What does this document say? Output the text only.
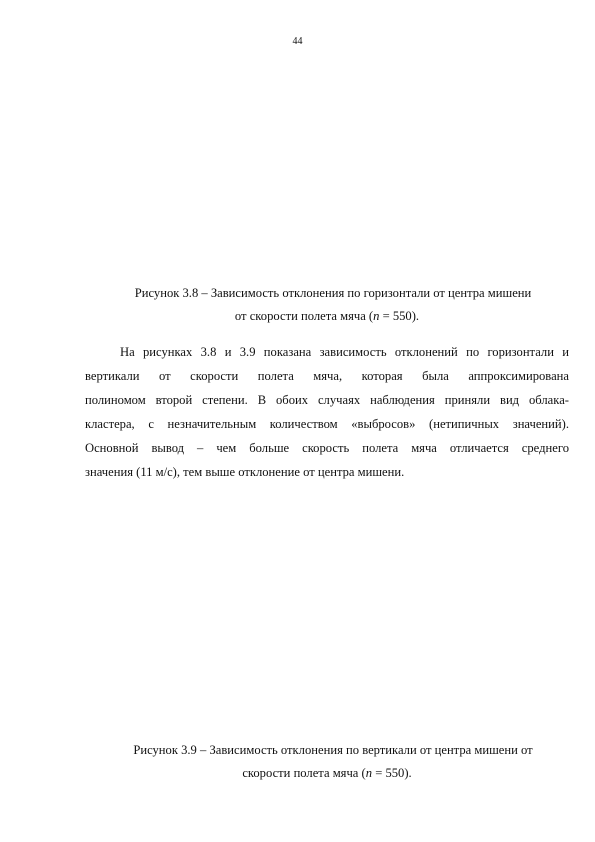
44
Рисунок 3.8 – Зависимость отклонения по горизонтали от центра мишени
от скорости полета мяча (n = 550).
На рисунках 3.8 и 3.9 показана зависимость отклонений по горизонтали и
вертикали от скорости полета мяча, которая была аппроксимирована
полиномом второй степени. В обоих случаях наблюдения приняли вид облака-
кластера, с незначительным количеством «выбросов» (нетипичных значений).
Основной вывод – чем больше скорость полета мяча отличается среднего
значения (11 м/с), тем выше отклонение от центра мишени.
Рисунок 3.9 – Зависимость отклонения по вертикали от центра мишени от
скорости полета мяча (n = 550).
